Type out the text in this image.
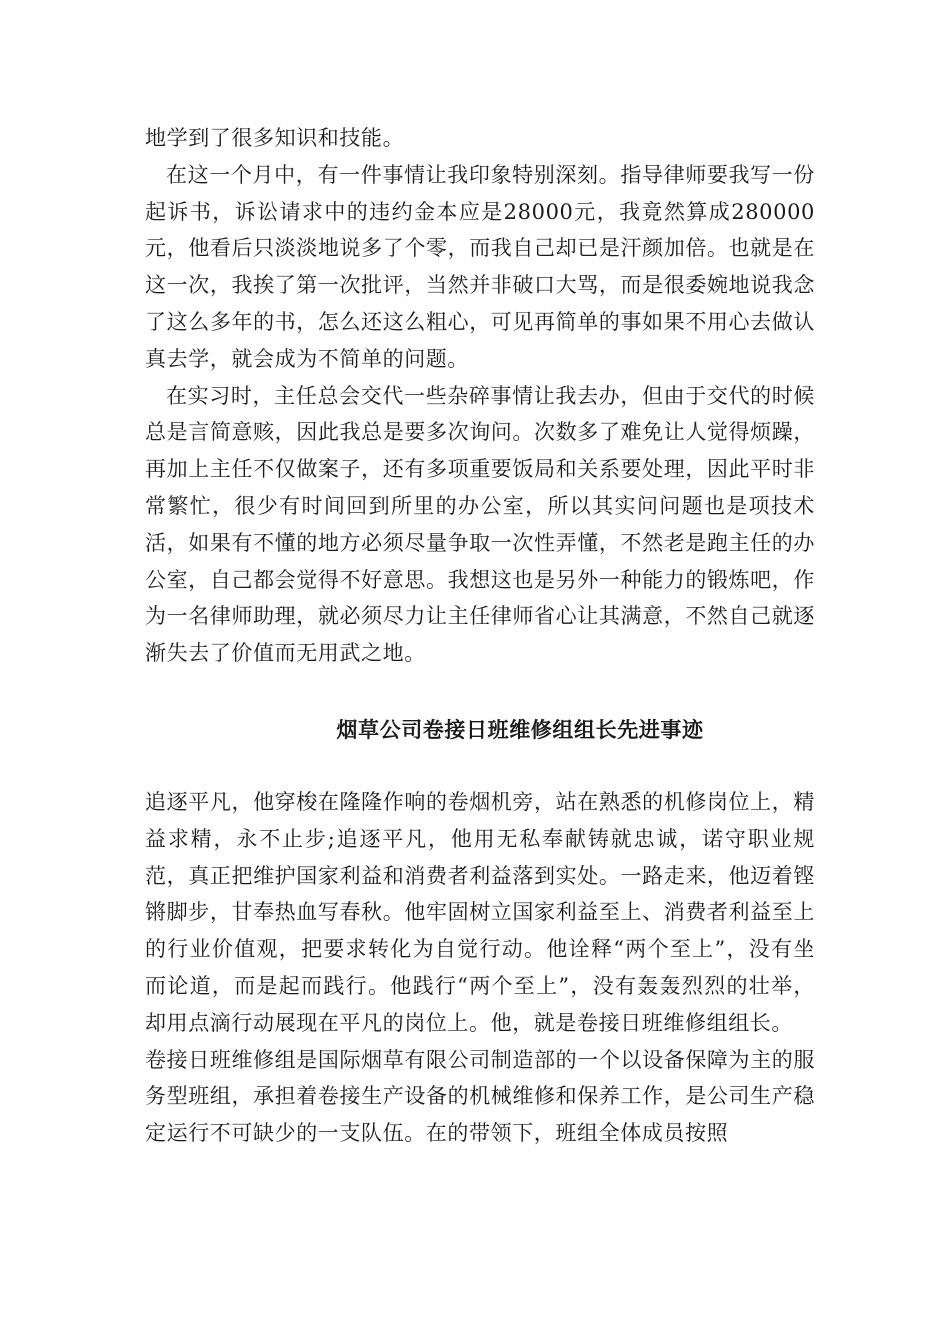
地学到了很多知识和技能。

在这一个月中，有一件事情让我印象特别深刻。指导律师要我写一份起诉书，诉讼请求中的违约金本应是28000元，我竟然算成280000元，他看后只淡淡地说多了个零，而我自己却已是汗颜加倍。也就是在这一次，我挨了第一次批评，当然并非破口大骂，而是很委婉地说我念了这么多年的书，怎么还这么粗心，可见再简单的事如果不用心去做认真去学，就会成为不简单的问题。

在实习时，主任总会交代一些杂碎事情让我去办，但由于交代的时候总是言简意赅，因此我总是要多次询问。次数多了难免让人觉得烦躁，再加上主任不仅做案子，还有多项重要饭局和关系要处理，因此平时非常繁忙，很少有时间回到所里的办公室，所以其实问问题也是项技术活，如果有不懂的地方必须尽量争取一次性弄懂，不然老是跑主任的办公室，自己都会觉得不好意思。我想这也是另外一种能力的锻炼吧，作为一名律师助理，就必须尽力让主任律师省心让其满意，不然自己就逐渐失去了价值而无用武之地。

烟草公司卷接日班维修组组长先进事迹

追逐平凡，他穿梭在隆隆作响的卷烟机旁，站在熟悉的机修岗位上，精益求精，永不止步;追逐平凡，他用无私奉献铸就忠诚，诺守职业规范，真正把维护国家利益和消费者利益落到实处。一路走来，他迈着铿锵脚步，甘奉热血写春秋。他牢固树立国家利益至上、消费者利益至上的行业价值观，把要求转化为自觉行动。他诠释“两个至上”，没有坐而论道，而是起而践行。他践行“两个至上”，没有轰轰烈烈的壮举，却用点滴行动展现在平凡的岗位上。他，就是卷接日班维修组组长。

卷接日班维修组是国际烟草有限公司制造部的一个以设备保障为主的服务型班组，承担着卷接生产设备的机械维修和保养工作，是公司生产稳定运行不可缺少的一支队伍。在的带领下，班组全体成员按照
